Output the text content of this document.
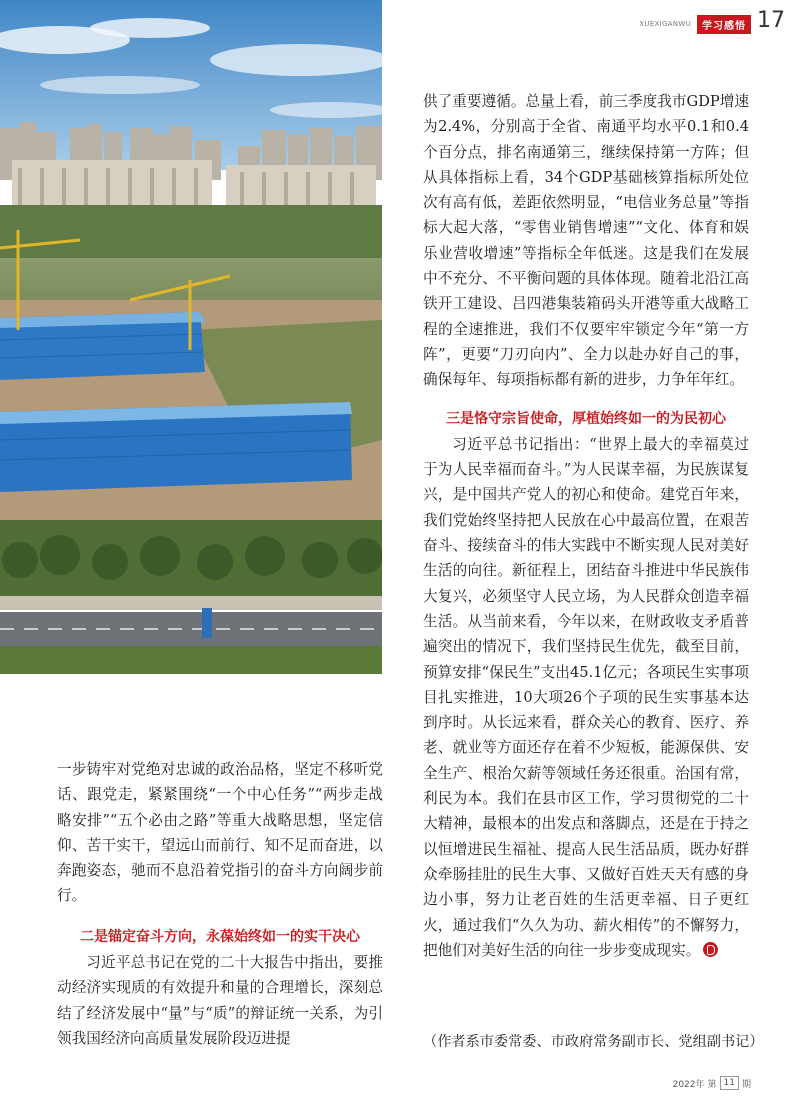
XUEXIGANWU	学习感悟 17

一步铸牢对党绝对忠诚的政治品格，坚定不移听党话、跟党走，紧紧围绕“一个中心任务”“两步走战略安排”“五个必由之路”等重大战略思想，坚定信仰、苦干实干，望远山而前行、知不足而奋进，以奔跑姿态，驰而不息沿着党指引的奋斗方向阔步前行。

二是锚定奋斗方向，永葆始终如一的实干决心

习近平总书记在党的二十大报告中指出，要推动经济实现质的有效提升和量的合理增长，深刻总结了经济发展中“量”与“质”的辩证统一关系，为引领我国经济向高质量发展阶段迈进提

供了重要遵循。总量上看，前三季度我市GDP增速为2.4%，分别高于全省、南通平均水平0.1和0.4个百分点，排名南通第三，继续保持第一方阵；但从具体指标上看，34个GDP基础核算指标所处位次有高有低，差距依然明显，“电信业务总量”等指标大起大落，“零售业销售增速”“文化、体育和娱乐业营收增速”等指标全年低迷。这是我们在发展中不充分、不平衡问题的具体体现。随着北沿江高铁开工建设、吕四港集装箱码头开港等重大战略工程的全速推进，我们不仅要牢牢锁定今年“第一方阵”，更要“刀刃向内”、全力以赴办好自己的事，确保每年、每项指标都有新的进步，力争年年红。

三是恪守宗旨使命，厚植始终如一的为民初心

习近平总书记指出：“世界上最大的幸福莫过于为人民幸福而奋斗。”为人民谋幸福，为民族谋复兴，是中国共产党人的初心和使命。建党百年来，我们党始终坚持把人民放在心中最高位置，在艰苦奋斗、接续奋斗的伟大实践中不断实现人民对美好生活的向往。新征程上，团结奋斗推进中华民族伟大复兴，必须坚守人民立场，为人民群众创造幸福生活。从当前来看，今年以来，在财政收支矛盾普遍突出的情况下，我们坚持民生优先，截至目前，预算安排“保民生”支出45.1亿元；各项民生实事项目扎实推进，10大项26个子项的民生实事基本达到序时。从长远来看，群众关心的教育、医疗、养老、就业等方面还存在着不少短板，能源保供、安全生产、根治欠薪等领域任务还很重。治国有常，利民为本。我们在县市区工作，学习贯彻党的二十大精神，最根本的出发点和落脚点，还是在于持之以恒增进民生福祉、提高人民生活品质，既办好群众牵肠挂肚的民生大事、又做好百姓天天有感的身边小事，努力让老百姓的生活更幸福、日子更红火，通过我们“久久为功、薪火相传”的不懈努力，把他们对美好生活的向往一步步变成现实。

（作者系市委常委、市政府常务副市长、党组副书记）
2022年 第 11 期
